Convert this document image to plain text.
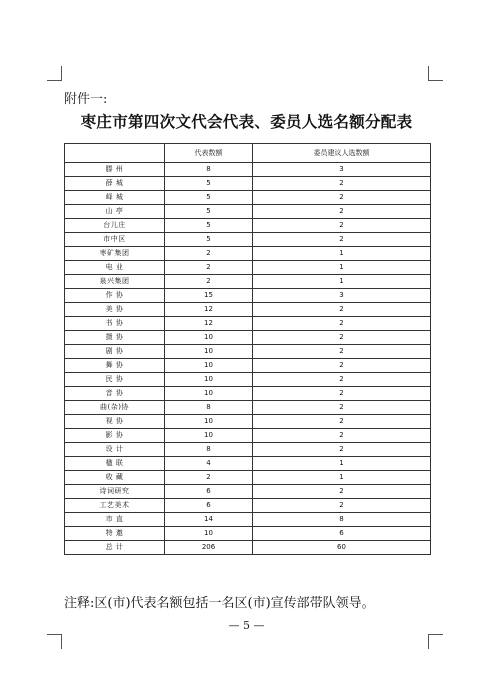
附件一:
枣庄市第四次文代会代表、委员人选名额分配表
	代表数额	委员建议人选数额
滕 州	8	3
薛 城	5	2
峄 城	5	2
山 亭	5	2
台儿庄	5	2
市中区	5	2
枣矿集团	2	1
电 业	2	1
泉兴集团	2	1
作 协	15	3
美 协	12	2
书 协	12	2
摄 协	10	2
剧 协	10	2
舞 协	10	2
民 协	10	2
音 协	10	2
曲(杂)协	8	2
视 协	10	2
影 协	10	2
设 计	8	2
楹 联	4	1
收 藏	2	1
诗词研究	6	2
工艺美术	6	2
市 直	14	8
特 邀	10	6
总 计	206	60
注释:区(市)代表名额包括一名区(市)宣传部带队领导。
— 5 —
